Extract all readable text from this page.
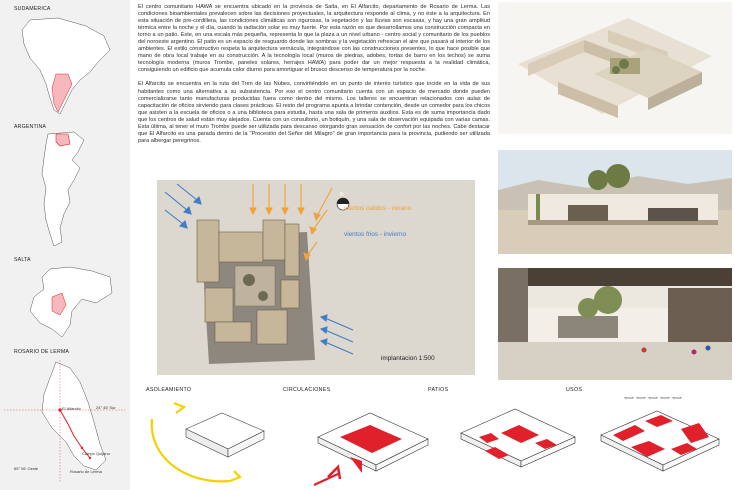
SUDAMERICA
ARGENTINA
SALTA
ROSARIO DE LERMA
24° 45' Sur
El Alfarcito
65° 06' Oeste
Campo Quijano
Rosario de Lerma

El centro comunitario HAWA se encuentra ubicado en la provincia de Salta, en El Alfarcito, departamento de Rosario de Lerma. Las condiciones bioambientales prevalecen sobre las decisiones proyectuales, la arquitectura responde al clima, y no éste a la arquitectura. En esta situación de pre-cordillera, las condiciones climáticas son rigurosas, la vegetación y las lluvias son escasas, y hay una gran amplitud térmica entre la noche y el día, cuando la radiación solar es muy fuerte. Por esta razón es que desarrollamos una construcción compacta en torno a un patio. Este, en una escala más pequeña, representa lo que la plaza a un nivel urbano - centro social y comunitario de los pueblos del noroeste argentino. El patio es un espacio de resguardo donde las sombras y la vegetación refrescan el aire que pasará al interior de los ambientes. El estilo constructivo respeta la arquitectura vernácula, integrándose con las construcciones presentes, lo que hace posible que mano de obra local trabaje en su construcción. A la tecnología local (muros de piedras, adobes, tortas de barro en los techos) se suma tecnología moderna (muros Trombe, paneles solares, herrajes HAWA) para poder dar un mejor respuesta a la realidad climática, consiguiendo un edificio que acumula calor diurno para amortiguar el brusco descenso de temperatura por la noche.

El Alfarcito se encuentra en la ruta del Tren de las Nubes, convirtiéndolo en un punto de interés turístico que incide en la vida de sus habitantes como una alternativa a su subsistencia. Por eso el centro comunitario cuenta con un espacio de mercado donde pueden comercializarse tanto manufacturas producidas fuera como dentro del mismo. Los talleres se encuentran relacionados con aulas de capacitación de oficios sirviendo para clases prácticas. El resto del programa apunta a brindar contención, desde un comedor para los chicos que asisten a la escuela de oficios o a una biblioteca para estudia, hasta una sala de primeros auxilios. Esta es de suma importancia dado que los centros de salud están muy alejados. Cuenta con un consultorio, un botiquín, y una sala de observación equipada con varias camas. Esta última, al tener el muro Trombe puede ser utilizada para descanso otorgando gran sensación de confort por las noches. Cabe destacar que El Alfarcito es una parada dentro de la "Procesión del Señor del Milagro" de gran importancia para la provincia, pudiendo ser utilizada para albergar peregrinos.

N
vientos calidos - verano
vientos frios - invierno
implantacion 1:500
ASOLEAMIENTO	CIRCULACIONES	PATIOS	USOS
